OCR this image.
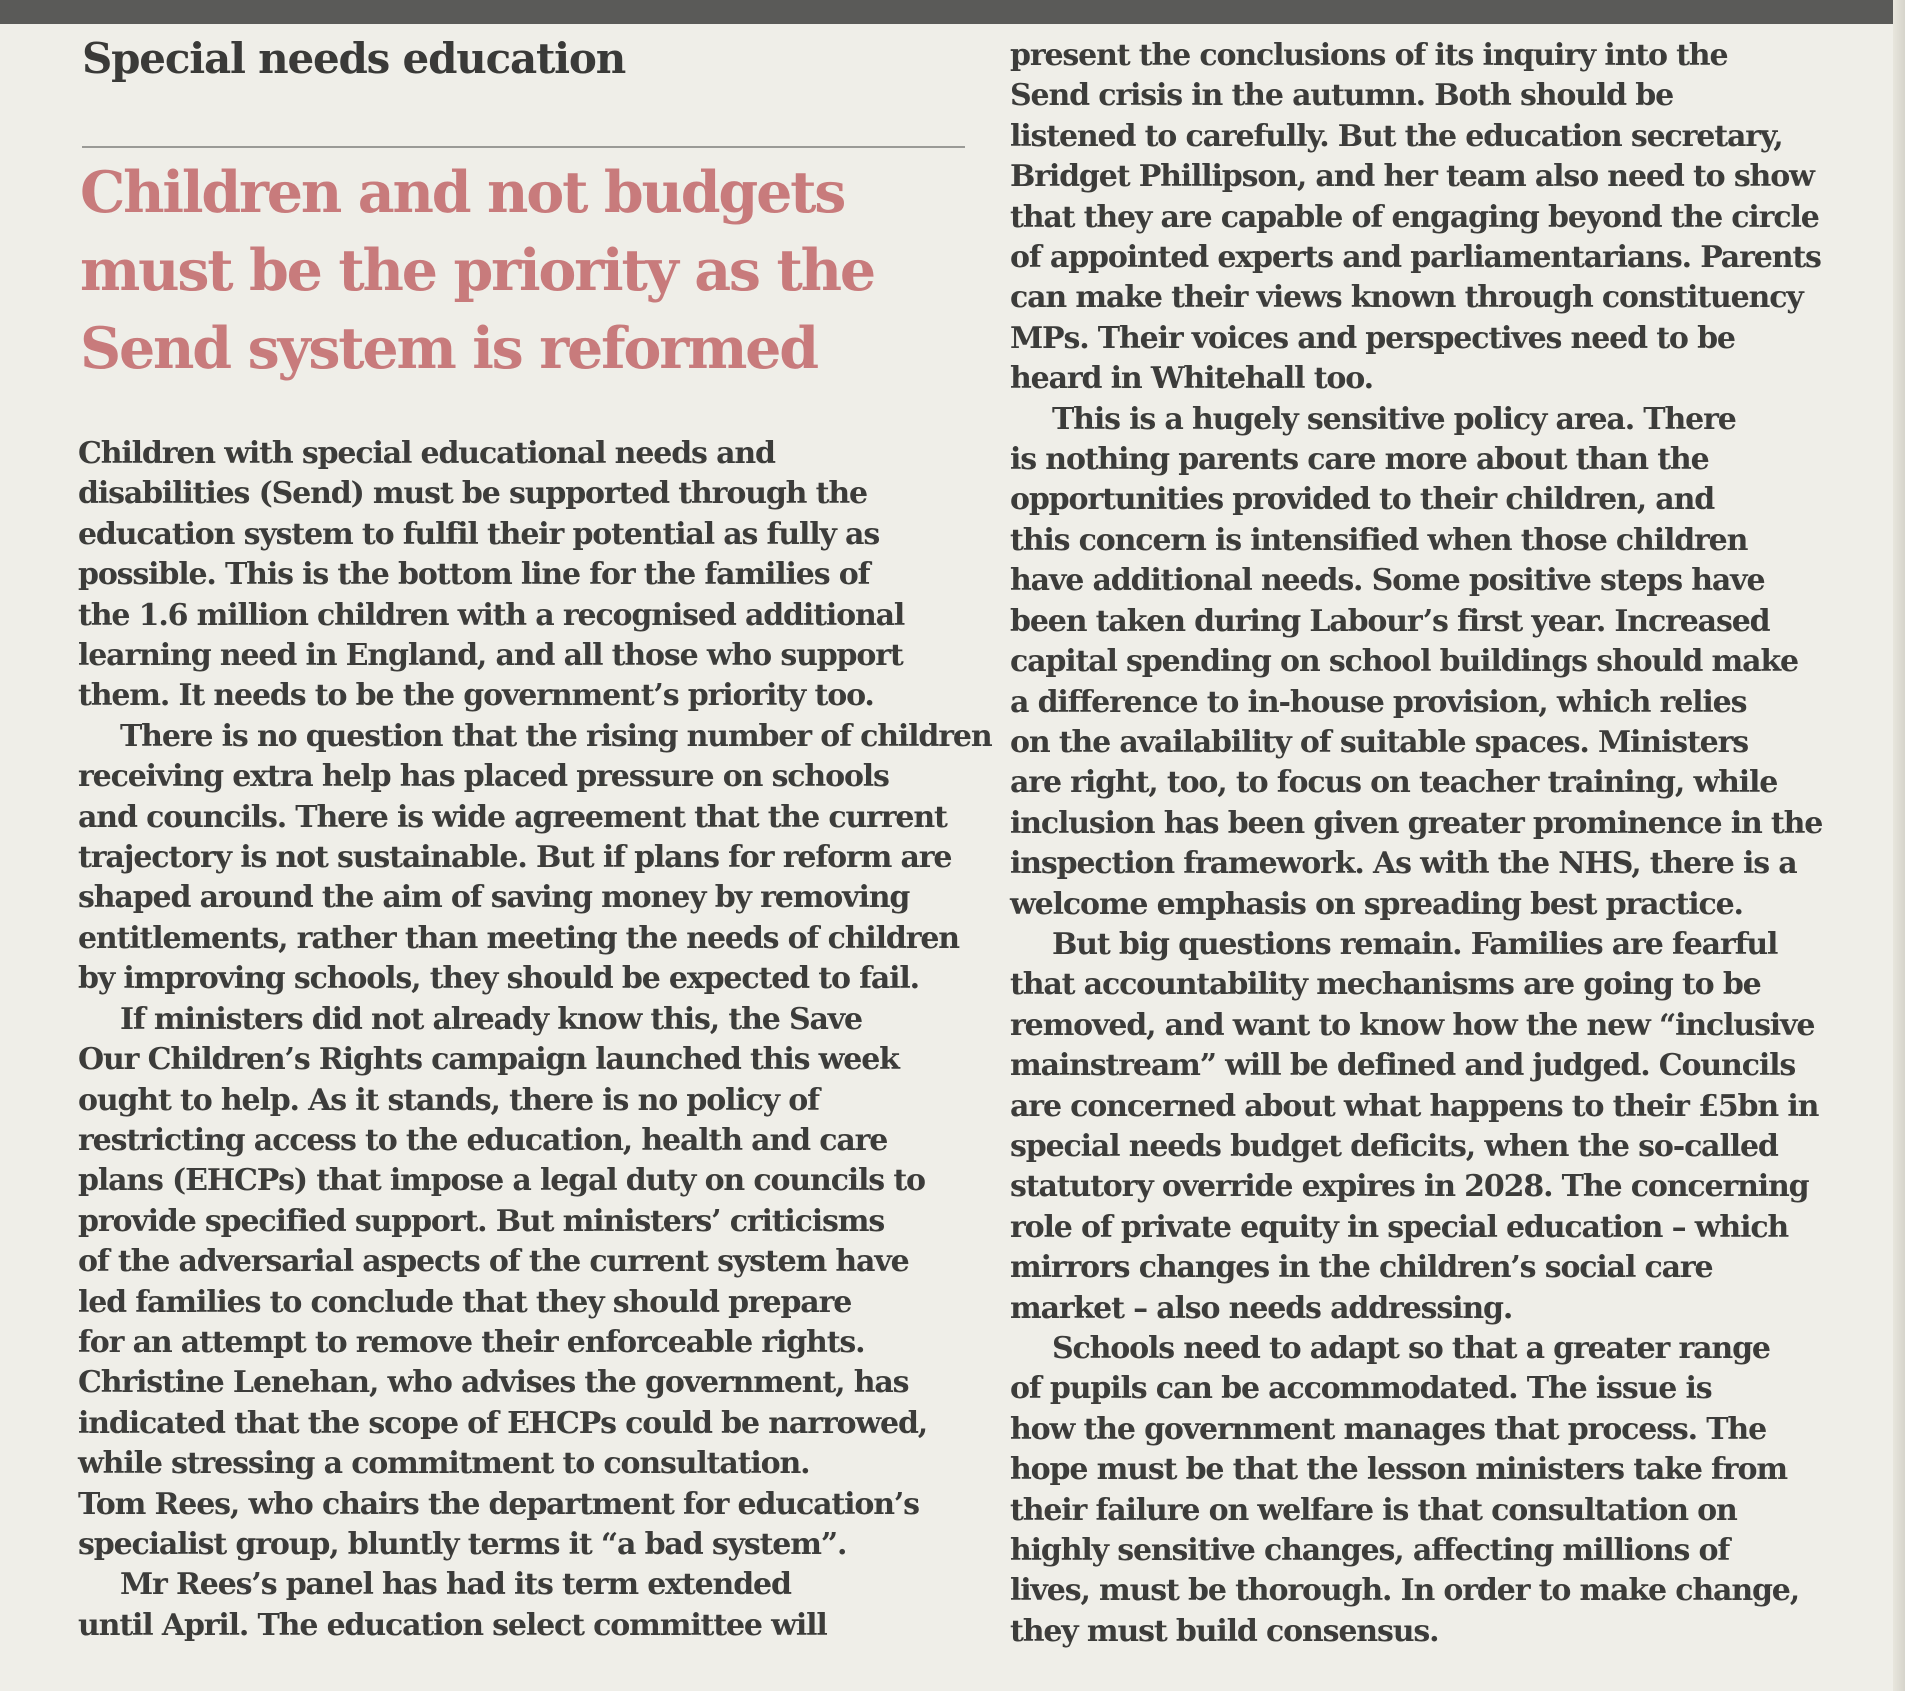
Special needs education
Children and not budgets
must be the priority as the
Send system is reformed

Children with special educational needs and
disabilities (Send) must be supported through the
education system to fulfil their potential as fully as
possible. This is the bottom line for the families of
the 1.6 million children with a recognised additional
learning need in England, and all those who support
them. It needs to be the government’s priority too.

There is no question that the rising number of children
receiving extra help has placed pressure on schools
and councils. There is wide agreement that the current
trajectory is not sustainable. But if plans for reform are
shaped around the aim of saving money by removing
entitlements, rather than meeting the needs of children
by improving schools, they should be expected to fail.

If ministers did not already know this, the Save
Our Children’s Rights campaign launched this week
ought to help. As it stands, there is no policy of
restricting access to the education, health and care
plans (EHCPs) that impose a legal duty on councils to
provide specified support. But ministers’ criticisms
of the adversarial aspects of the current system have
led families to conclude that they should prepare
for an attempt to remove their enforceable rights.
Christine Lenehan, who advises the government, has
indicated that the scope of EHCPs could be narrowed,
while stressing a commitment to consultation.
Tom Rees, who chairs the department for education’s
specialist group, bluntly terms it “a bad system”.

Mr Rees’s panel has had its term extended
until April. The education select committee will

present the conclusions of its inquiry into the
Send crisis in the autumn. Both should be
listened to carefully. But the education secretary,
Bridget Phillipson, and her team also need to show
that they are capable of engaging beyond the circle
of appointed experts and parliamentarians. Parents
can make their views known through constituency
MPs. Their voices and perspectives need to be
heard in Whitehall too.

This is a hugely sensitive policy area. There
is nothing parents care more about than the
opportunities provided to their children, and
this concern is intensified when those children
have additional needs. Some positive steps have
been taken during Labour’s first year. Increased
capital spending on school buildings should make
a difference to in-house provision, which relies
on the availability of suitable spaces. Ministers
are right, too, to focus on teacher training, while
inclusion has been given greater prominence in the
inspection framework. As with the NHS, there is a
welcome emphasis on spreading best practice.

But big questions remain. Families are fearful
that accountability mechanisms are going to be
removed, and want to know how the new “inclusive
mainstream” will be defined and judged. Councils
are concerned about what happens to their £5bn in
special needs budget deficits, when the so-called
statutory override expires in 2028. The concerning
role of private equity in special education – which
mirrors changes in the children’s social care
market – also needs addressing.

Schools need to adapt so that a greater range
of pupils can be accommodated. The issue is
how the government manages that process. The
hope must be that the lesson ministers take from
their failure on welfare is that consultation on
highly sensitive changes, affecting millions of
lives, must be thorough. In order to make change,
they must build consensus.
